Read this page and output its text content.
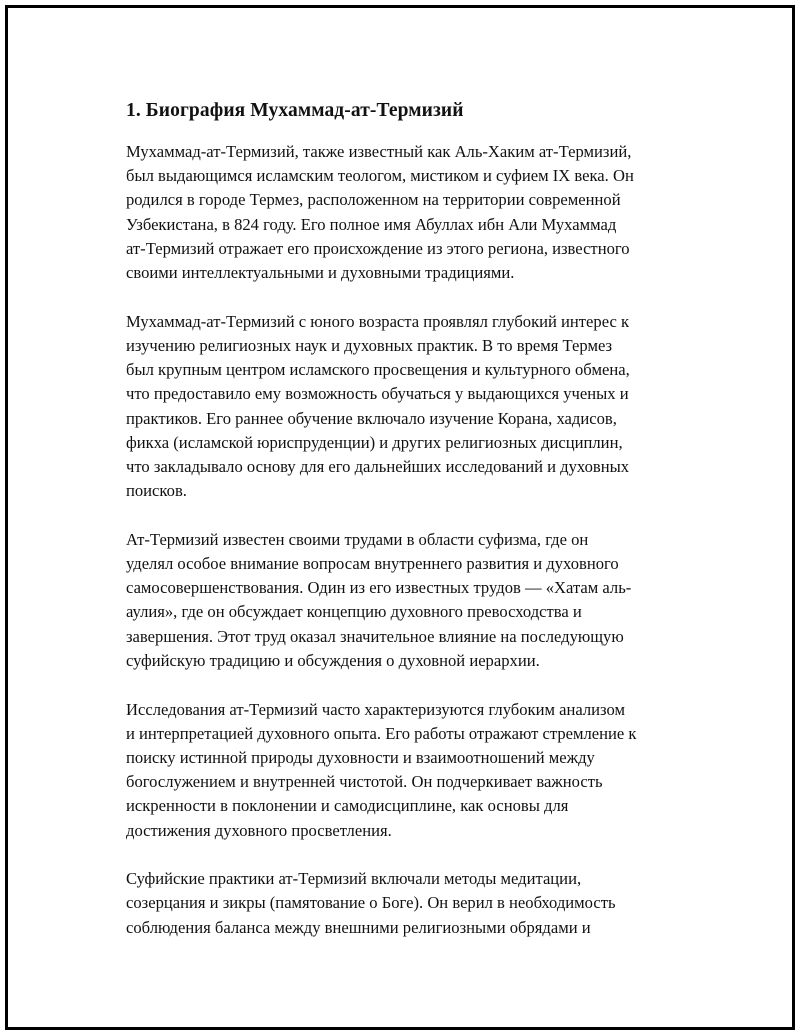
1. Биография Мухаммад-ат-Термизий

Мухаммад-ат-Термизий, также известный как Аль-Хаким ат-Термизий,
был выдающимся исламским теологом, мистиком и суфием IX века. Он
родился в городе Термез, расположенном на территории современной
Узбекистана, в 824 году. Его полное имя Абуллах ибн Али Мухаммад
ат-Термизий отражает его происхождение из этого региона, известного
своими интеллектуальными и духовными традициями.

Мухаммад-ат-Термизий с юного возраста проявлял глубокий интерес к
изучению религиозных наук и духовных практик. В то время Термез
был крупным центром исламского просвещения и культурного обмена,
что предоставило ему возможность обучаться у выдающихся ученых и
практиков. Его раннее обучение включало изучение Корана, хадисов,
фикха (исламской юриспруденции) и других религиозных дисциплин,
что закладывало основу для его дальнейших исследований и духовных
поисков.

Ат-Термизий известен своими трудами в области суфизма, где он
уделял особое внимание вопросам внутреннего развития и духовного
самосовершенствования. Один из его известных трудов — «Хатам аль-
аулия», где он обсуждает концепцию духовного превосходства и
завершения. Этот труд оказал значительное влияние на последующую
суфийскую традицию и обсуждения о духовной иерархии.

Исследования ат-Термизий часто характеризуются глубоким анализом
и интерпретацией духовного опыта. Его работы отражают стремление к
поиску истинной природы духовности и взаимоотношений между
богослужением и внутренней чистотой. Он подчеркивает важность
искренности в поклонении и самодисциплине, как основы для
достижения духовного просветления.

Суфийские практики ат-Термизий включали методы медитации,
созерцания и зикры (памятование о Боге). Он верил в необходимость
соблюдения баланса между внешними религиозными обрядами и
